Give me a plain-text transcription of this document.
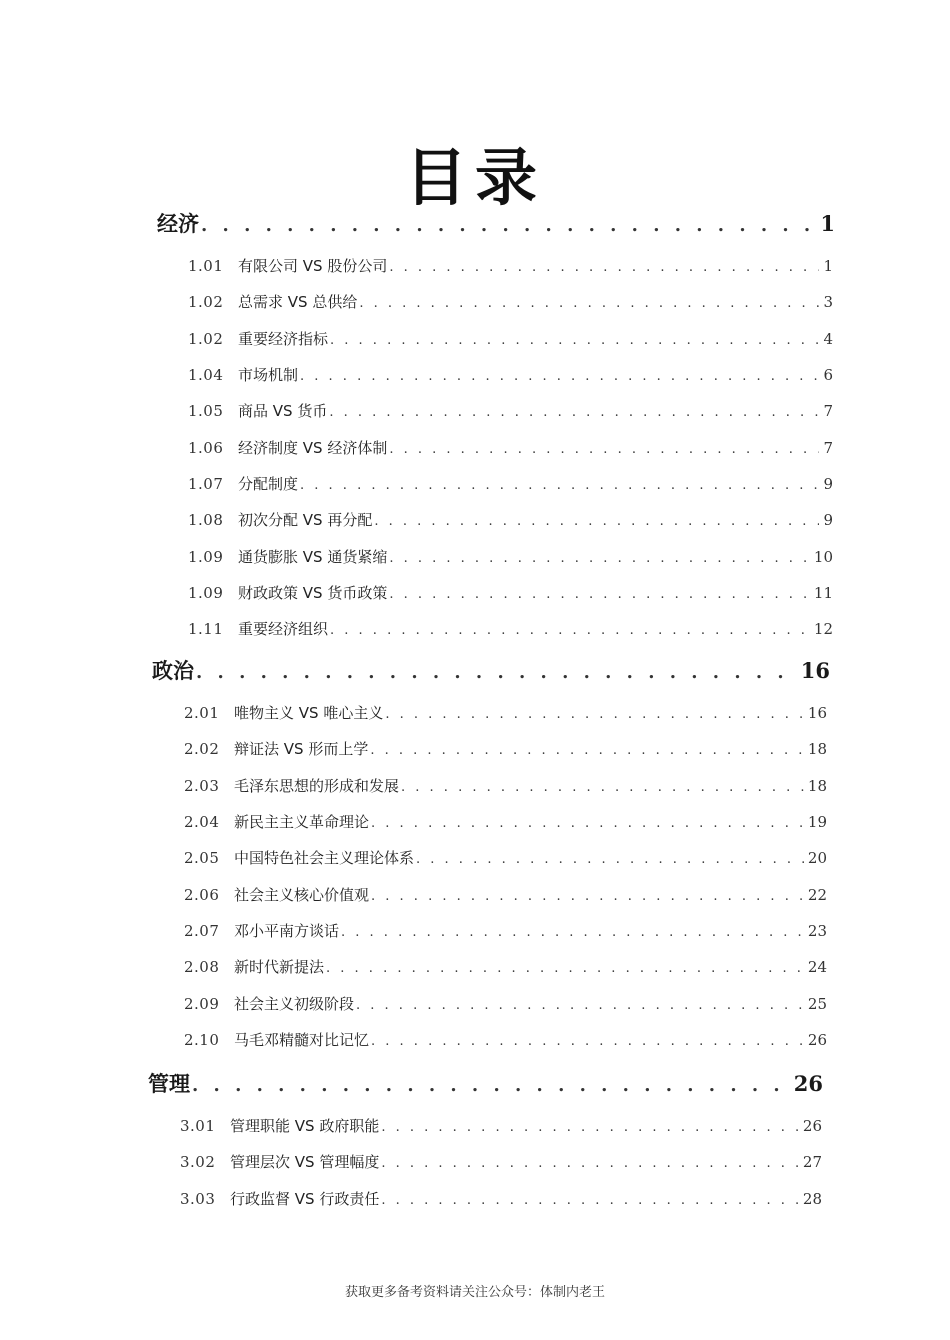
目录
经济 . . .	1
1.01 有限公司 VS 股份公司 . . .	1
1.02 总需求 VS 总供给 . . .	3
1.02 重要经济指标 . . .	4
1.04 市场机制 . . .	6
1.05 商品 VS 货币 . . .	7
1.06 经济制度 VS 经济体制 . . .	7
1.07 分配制度 . . .	9
1.08 初次分配 VS 再分配 . . .	9
1.09 通货膨胀 VS 通货紧缩 . . .	10
1.09 财政政策 VS 货币政策 . . .	11
1.11 重要经济组织 . . .	12
政治 . . .	16
2.01 唯物主义 VS 唯心主义 . . .	16
2.02 辩证法 VS 形而上学 . . .	18
2.03 毛泽东思想的形成和发展 . . .	18
2.04 新民主主义革命理论 . . .	19
2.05 中国特色社会主义理论体系 . . .	20
2.06 社会主义核心价值观 . . .	22
2.07 邓小平南方谈话 . . .	23
2.08 新时代新提法 . . .	24
2.09 社会主义初级阶段 . . .	25
2.10 马毛邓精髓对比记忆 . . .	26
管理 . . .	26
3.01 管理职能 VS 政府职能 . . .	26
3.02 管理层次 VS 管理幅度 . . .	27
3.03 行政监督 VS 行政责任 . . .	28
获取更多备考资料请关注公众号：体制内老王
